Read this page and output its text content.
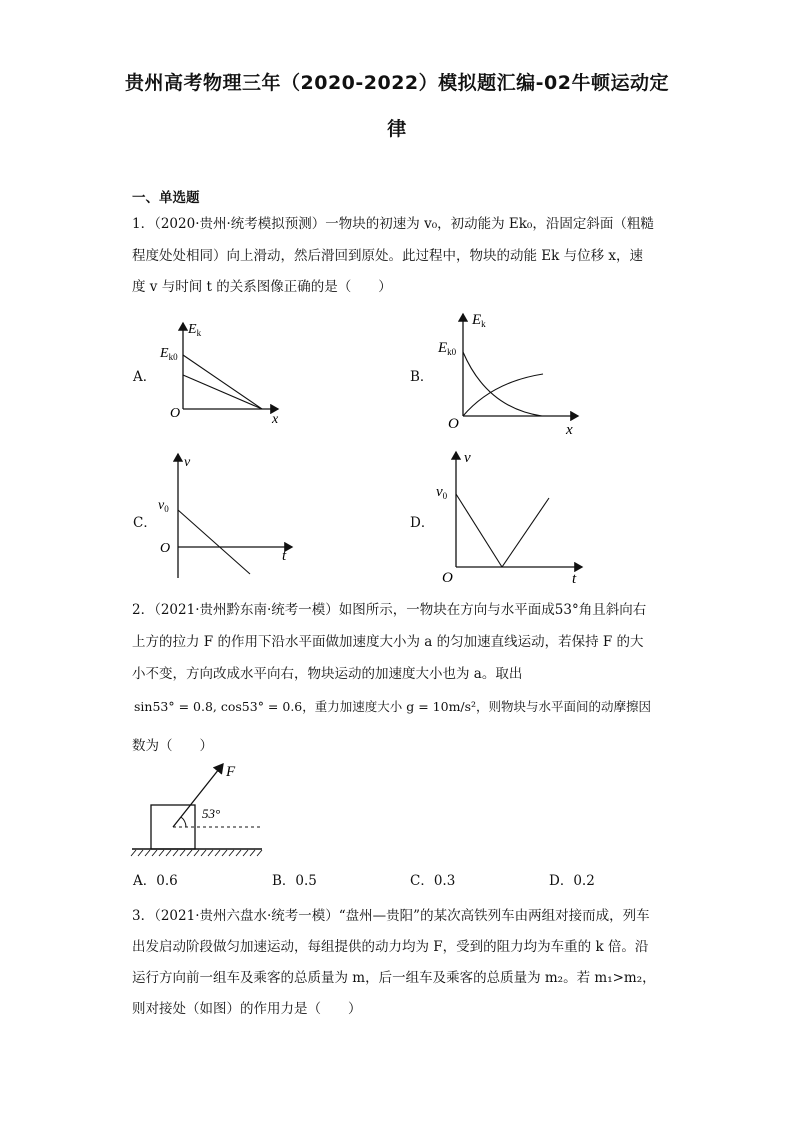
贵州高考物理三年（2020-2022）模拟题汇编-02牛顿运动定
律
一、单选题
1．（2020·贵州·统考模拟预测）一物块的初速为 v₀，初动能为 Ek₀，沿固定斜面（粗糙
程度处处相同）向上滑动，然后滑回到原处。此过程中，物块的动能 Ek 与位移 x，速
度 v 与时间 t 的关系图像正确的是（　　）
A．	B．
C．	D．
$E_k$
$E_{k0}$
O	x
$E_k$
$E_{k0}$
O	x
v
$v_0$
O	t
v
$v_0$
O	t
2．（2021·贵州黔东南·统考一模）如图所示，一物块在方向与水平面成53°角且斜向右
上方的拉力 F 的作用下沿水平面做加速度大小为 a 的匀加速直线运动，若保持 F 的大
小不变，方向改成水平向右，物块运动的加速度大小也为 a。取出
sin53° = 0.8, cos53° = 0.6，重力加速度大小 g = 10m/s²，则物块与水平面间的动摩擦因
数为（　　）
F
53°
A．0.6	B．0.5	C．0.3	D．0.2
3．（2021·贵州六盘水·统考一模）“盘州—贵阳”的某次高铁列车由两组对接而成，列车
出发启动阶段做匀加速运动，每组提供的动力均为 F，受到的阻力均为车重的 k 倍。沿
运行方向前一组车及乘客的总质量为 m，后一组车及乘客的总质量为 m₂。若 m₁>m₂，
则对接处（如图）的作用力是（　　）
